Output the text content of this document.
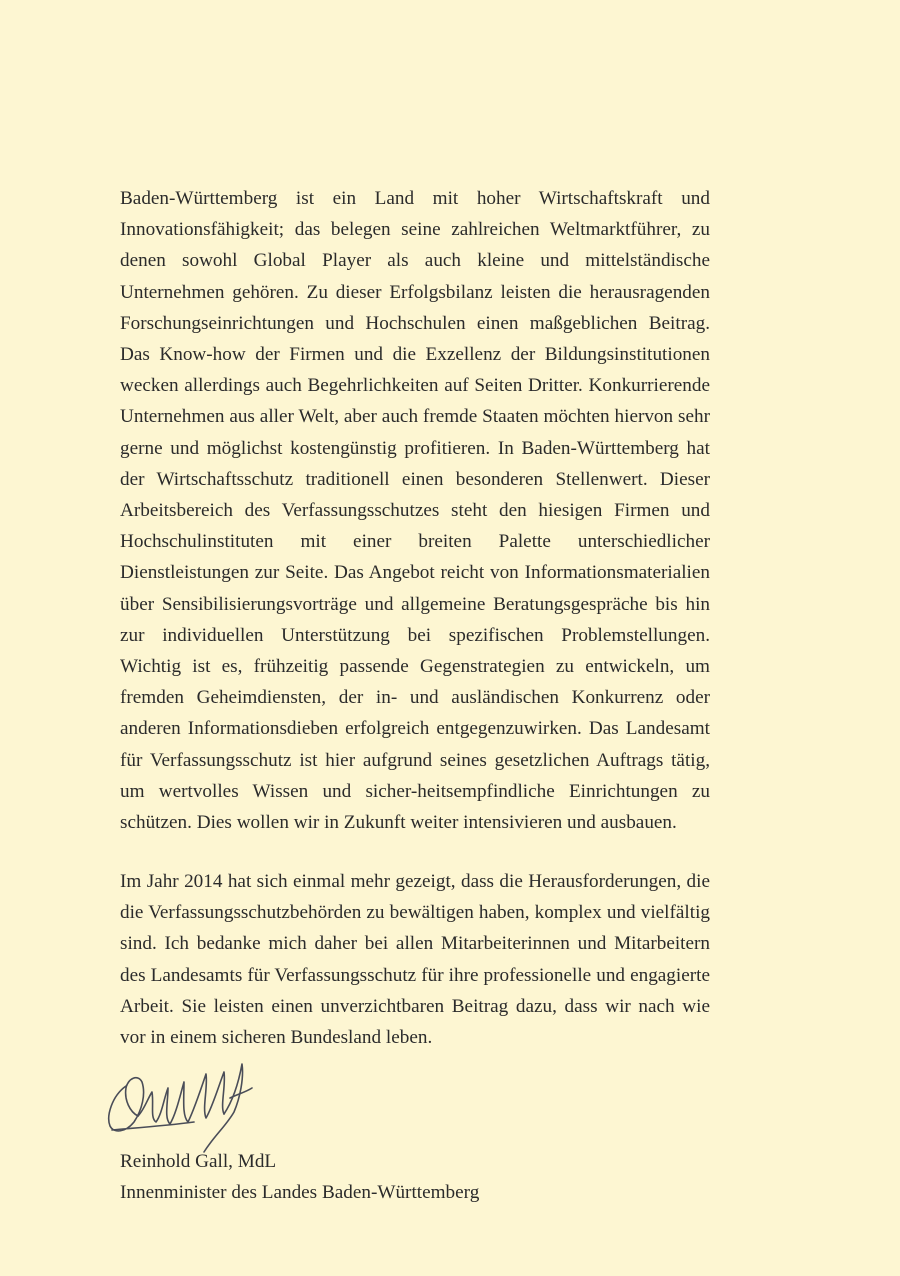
Baden-Württemberg ist ein Land mit hoher Wirtschaftskraft und Innovationsfähigkeit; das belegen seine zahlreichen Weltmarktführer, zu denen sowohl Global Player als auch kleine und mittelständische Unternehmen gehören. Zu dieser Erfolgsbilanz leisten die herausragenden Forschungseinrichtungen und Hochschulen einen maßgeblichen Beitrag. Das Know-how der Firmen und die Exzellenz der Bildungsinstitutionen wecken allerdings auch Begehrlichkeiten auf Seiten Dritter. Konkurrierende Unternehmen aus aller Welt, aber auch fremde Staaten möchten hiervon sehr gerne und möglichst kostengünstig profitieren. In Baden-Württemberg hat der Wirtschaftsschutz traditionell einen besonderen Stellenwert. Dieser Arbeitsbereich des Verfassungsschutzes steht den hiesigen Firmen und Hochschulinstituten mit einer breiten Palette unterschiedlicher Dienstleistungen zur Seite. Das Angebot reicht von Informationsmaterialien über Sensibilisierungsvorträge und allgemeine Beratungsgespräche bis hin zur individuellen Unterstützung bei spezifischen Problemstellungen. Wichtig ist es, frühzeitig passende Gegenstrategien zu entwickeln, um fremden Geheimdiensten, der in- und ausländischen Konkurrenz oder anderen Informationsdieben erfolgreich entgegenzuwirken. Das Landesamt für Verfassungsschutz ist hier aufgrund seines gesetzlichen Auftrags tätig, um wertvolles Wissen und sicher-heitsempfindliche Einrichtungen zu schützen. Dies wollen wir in Zukunft weiter intensivieren und ausbauen.

Im Jahr 2014 hat sich einmal mehr gezeigt, dass die Herausforderungen, die die Verfassungsschutzbehörden zu bewältigen haben, komplex und vielfältig sind. Ich bedanke mich daher bei allen Mitarbeiterinnen und Mitarbeitern des Landesamts für Verfassungsschutz für ihre professionelle und engagierte Arbeit. Sie leisten einen unverzichtbaren Beitrag dazu, dass wir nach wie vor in einem sicheren Bundesland leben.

Reinhold Gall, MdL

Innenminister des Landes Baden-Württemberg
